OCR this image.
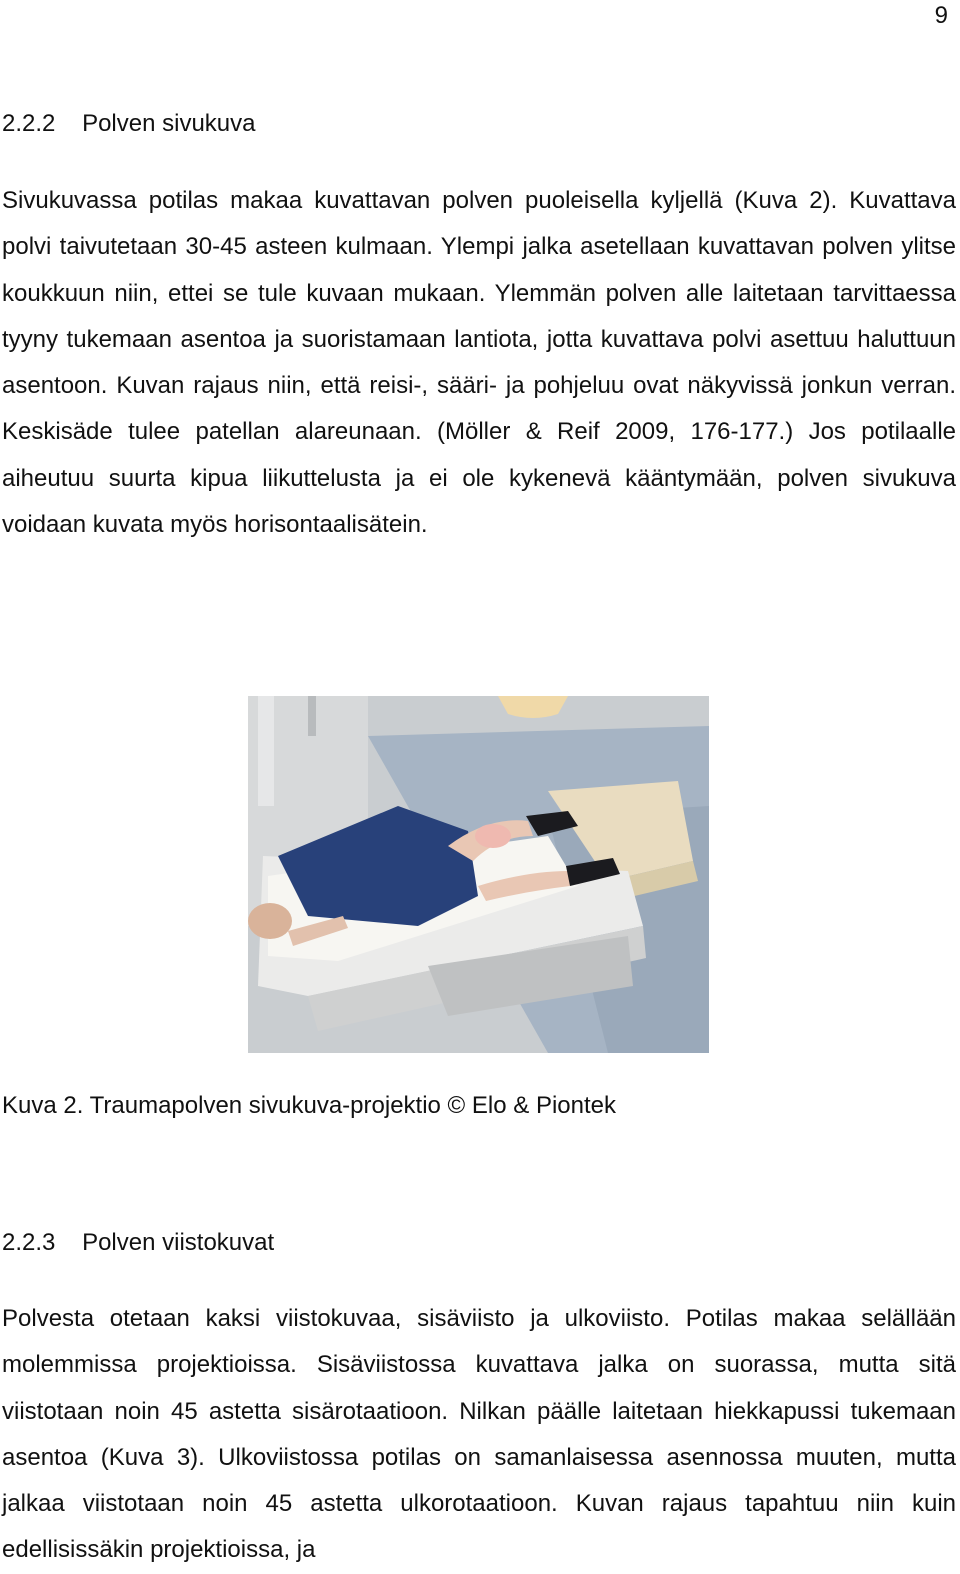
9
2.2.2 Polven sivukuva
Sivukuvassa potilas makaa kuvattavan polven puoleisella kyljellä (Kuva 2). Kuvattava polvi taivutetaan 30-45 asteen kulmaan. Ylempi jalka asetellaan kuvattavan polven ylitse koukkuun niin, ettei se tule kuvaan mukaan. Ylemmän polven alle laitetaan tarvittaessa tyyny tukemaan asentoa ja suoristamaan lantiota, jotta kuvattava polvi asettuu haluttuun asentoon. Kuvan rajaus niin, että reisi-, sääri- ja pohjeluu ovat näkyvissä jonkun verran. Keskisäde tulee patellan alareunaan. (Möller & Reif 2009, 176-177.) Jos potilaalle aiheutuu suurta kipua liikuttelusta ja ei ole kykenevä kääntymään, polven sivukuva voidaan kuvata myös horisontaalisätein.
Kuva 2. Traumapolven sivukuva-projektio © Elo & Piontek
2.2.3 Polven viistokuvat
Polvesta otetaan kaksi viistokuvaa, sisäviisto ja ulkoviisto. Potilas makaa selällään molemmissa projektioissa. Sisäviistossa kuvattava jalka on suorassa, mutta sitä viistotaan noin 45 astetta sisärotaatioon. Nilkan päälle laitetaan hiekkapussi tukemaan asentoa (Kuva 3). Ulkoviistossa potilas on samanlaisessa asennossa muuten, mutta jalkaa viistotaan noin 45 astetta ulkorotaatioon. Kuvan rajaus tapahtuu niin kuin edellisissäkin projektioissa, ja
